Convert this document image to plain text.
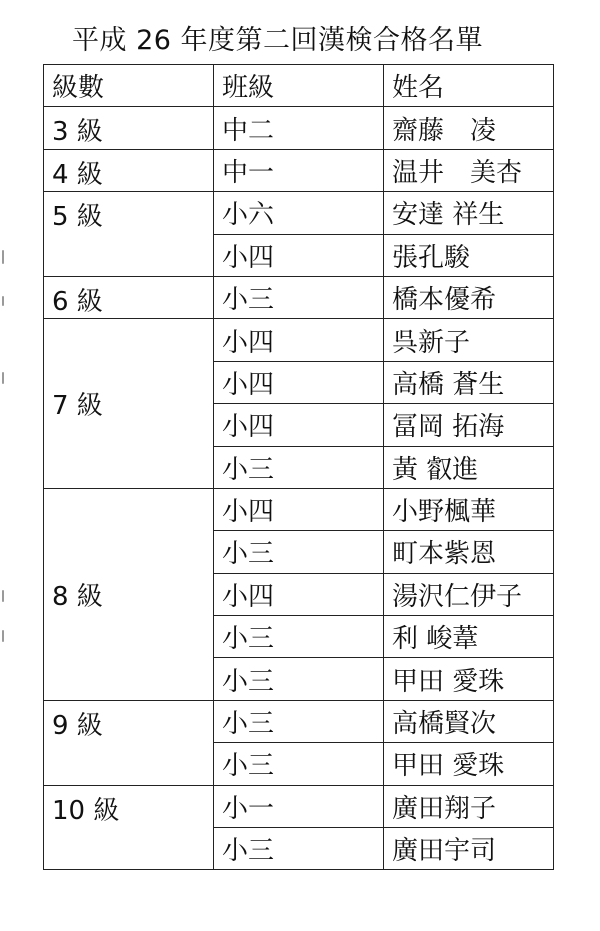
平成 26 年度第二回漢検合格名單
級數	班級	姓名
3 級	中二	齋藤　凌
4 級	中一	温井　美杏
5 級	小六	安達 祥生
	小四	張孔駿
6 級	小三	橋本優希
7 級	小四	呉新子
	小四	高橋 蒼生
	小四	冨岡 拓海
	小三	黃 叡進
8 級	小四	小野楓華
	小三	町本紫恩
	小四	湯沢仁伊子
	小三	利 峻葦
	小三	甲田 愛珠
9 級	小三	高橋賢次
	小三	甲田 愛珠
10 級	小一	廣田翔子
	小三	廣田宇司
